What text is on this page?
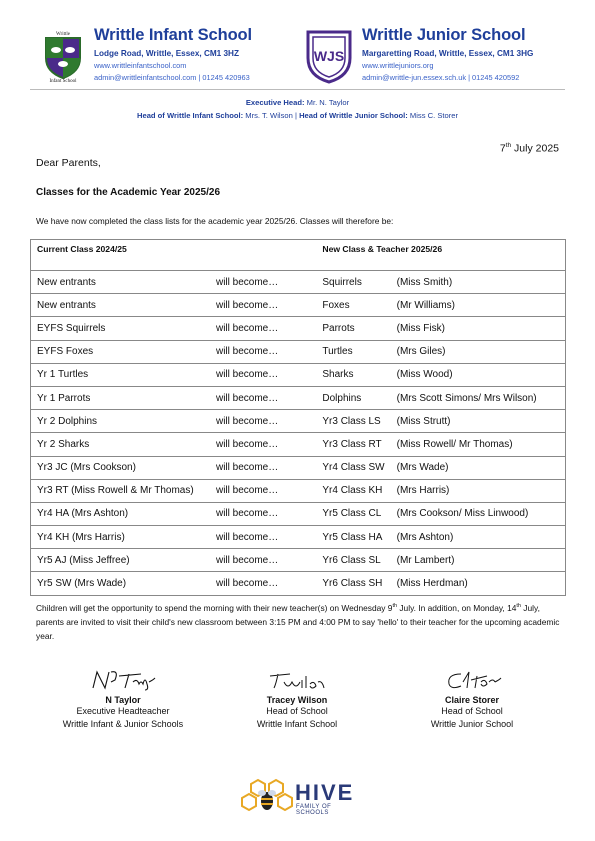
Writtle
Infant School
Writtle Infant School
Lodge Road, Writtle, Essex, CM1 3HZ
www.writtleinfantschool.com
admin@writtleinfantschool.com | 01245 420963
WJS
Writtle Junior School
Margaretting Road, Writtle, Essex, CM1 3HG
www.writtlejuniors.org
admin@writtle-jun.essex.sch.uk | 01245 420592
Executive Head: Mr. N. Taylor
Head of Writtle Infant School: Mrs. T. Wilson | Head of Writtle Junior School: Miss C. Storer
7th July 2025
Dear Parents,
Classes for the Academic Year 2025/26
We have now completed the class lists for the academic year 2025/26. Classes will therefore be:
Current Class 2024/25		New Class & Teacher 2025/26	
New entrants	will become…	Squirrels	(Miss Smith)
New entrants	will become…	Foxes	(Mr Williams)
EYFS Squirrels	will become…	Parrots	(Miss Fisk)
EYFS Foxes	will become…	Turtles	(Mrs Giles)
Yr 1 Turtles	will become…	Sharks	(Miss Wood)
Yr 1 Parrots	will become…	Dolphins	(Mrs Scott Simons/ Mrs Wilson)
Yr 2 Dolphins	will become…	Yr3 Class LS	(Miss Strutt)
Yr 2 Sharks	will become…	Yr3 Class RT	(Miss Rowell/ Mr Thomas)
Yr3 JC (Mrs Cookson)	will become…	Yr4 Class SW	(Mrs Wade)
Yr3 RT (Miss Rowell & Mr Thomas)	will become…	Yr4 Class KH	(Mrs Harris)
Yr4 HA (Mrs Ashton)	will become…	Yr5 Class CL	(Mrs Cookson/ Miss Linwood)
Yr4 KH (Mrs Harris)	will become…	Yr5 Class HA	(Mrs Ashton)
Yr5 AJ (Miss Jeffree)	will become…	Yr6 Class SL	(Mr Lambert)
Yr5 SW (Mrs Wade)	will become…	Yr6 Class SH	(Miss Herdman)
Children will get the opportunity to spend the morning with their new teacher(s) on Wednesday 9th July. In addition, on Monday, 14th July, parents are invited to visit their child's new classroom between 3:15 PM and 4:00 PM to say 'hello' to their teacher for the upcoming academic year.
N Taylor
Executive Headteacher
Writtle Infant & Junior Schools
Tracey Wilson
Head of School
Writtle Infant School
Claire Storer
Head of School
Writtle Junior School
HIVE
FAMILY OF SCHOOLS
